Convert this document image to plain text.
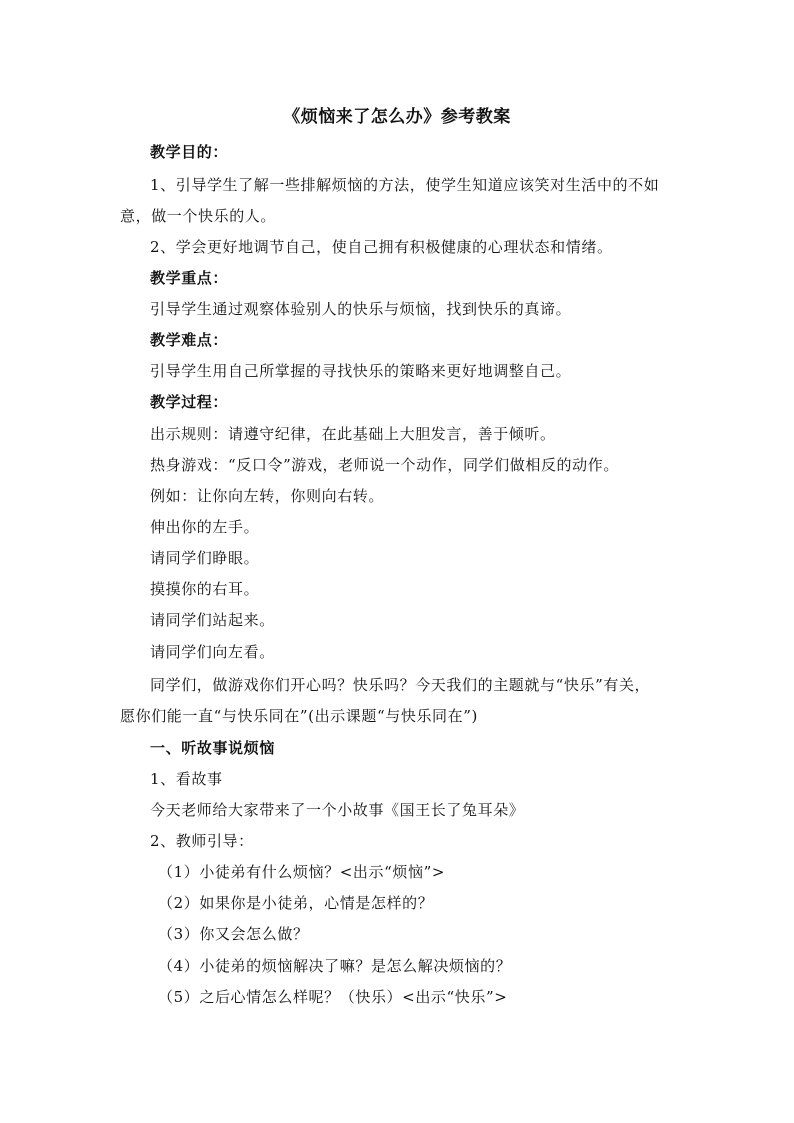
《烦恼来了怎么办》参考教案
教学目的：
1、引导学生了解一些排解烦恼的方法，使学生知道应该笑对生活中的不如
意，做一个快乐的人。
2、学会更好地调节自己，使自己拥有积极健康的心理状态和情绪。
教学重点：
引导学生通过观察体验别人的快乐与烦恼，找到快乐的真谛。
教学难点：
引导学生用自己所掌握的寻找快乐的策略来更好地调整自己。
教学过程：
出示规则：请遵守纪律，在此基础上大胆发言，善于倾听。
热身游戏：“反口令”游戏，老师说一个动作，同学们做相反的动作。
例如：让你向左转，你则向右转。
伸出你的左手。
请同学们睁眼。
摸摸你的右耳。
请同学们站起来。
请同学们向左看。
同学们，做游戏你们开心吗？快乐吗？今天我们的主题就与“快乐”有关，
愿你们能一直“与快乐同在”(出示课题“与快乐同在”)
一、听故事说烦恼
1、看故事
今天老师给大家带来了一个小故事《国王长了兔耳朵》
2、教师引导：
（1）小徒弟有什么烦恼？<出示“烦恼”>
（2）如果你是小徒弟，心情是怎样的？
（3）你又会怎么做？
（4）小徒弟的烦恼解决了嘛？是怎么解决烦恼的？
（5）之后心情怎么样呢？（快乐）<出示“快乐”>
